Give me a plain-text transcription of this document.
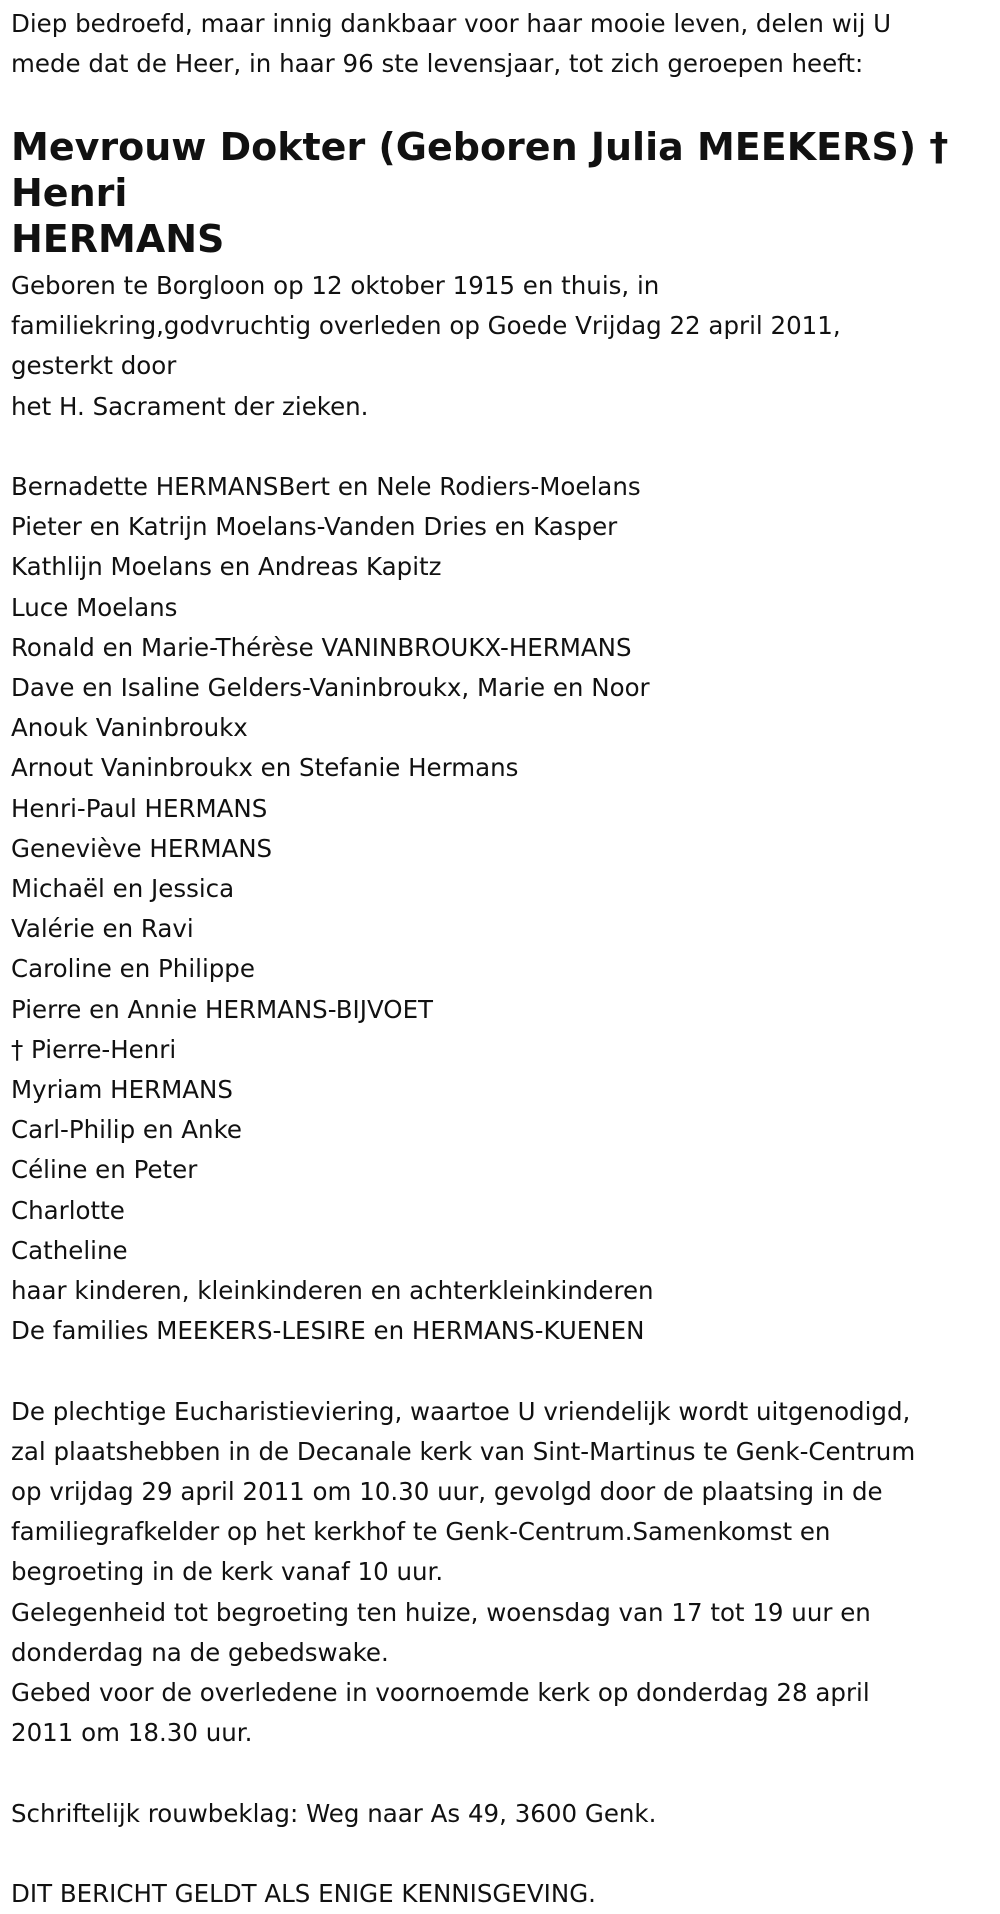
Diep bedroefd, maar innig dankbaar voor haar mooie leven, delen wij U
mede dat de Heer, in haar 96 ste levensjaar, tot zich geroepen heeft:
Mevrouw Dokter (Geboren Julia MEEKERS) † Henri
HERMANS
Geboren te Borgloon op 12 oktober 1915 en thuis, in
familiekring,godvruchtig overleden op Goede Vrijdag 22 april 2011,
gesterkt door
het H. Sacrament der zieken.
Bernadette HERMANSBert en Nele Rodiers-Moelans
Pieter en Katrijn Moelans-Vanden Dries en Kasper
Kathlijn Moelans en Andreas Kapitz
Luce Moelans
Ronald en Marie-Thérèse VANINBROUKX-HERMANS
Dave en Isaline Gelders-Vaninbroukx, Marie en Noor
Anouk Vaninbroukx
Arnout Vaninbroukx en Stefanie Hermans
Henri-Paul HERMANS
Geneviève HERMANS
Michaël en Jessica
Valérie en Ravi
Caroline en Philippe
Pierre en Annie HERMANS-BIJVOET
† Pierre-Henri
Myriam HERMANS
Carl-Philip en Anke
Céline en Peter
Charlotte
Catheline
haar kinderen, kleinkinderen en achterkleinkinderen
De families MEEKERS-LESIRE en HERMANS-KUENEN
De plechtige Eucharistieviering, waartoe U vriendelijk wordt uitgenodigd,
zal plaatshebben in de Decanale kerk van Sint-Martinus te Genk-Centrum
op vrijdag 29 april 2011 om 10.30 uur, gevolgd door de plaatsing in de
familiegrafkelder op het kerkhof te Genk-Centrum.Samenkomst en
begroeting in de kerk vanaf 10 uur.
Gelegenheid tot begroeting ten huize, woensdag van 17 tot 19 uur en
donderdag na de gebedswake.
Gebed voor de overledene in voornoemde kerk op donderdag 28 april
2011 om 18.30 uur.
Schriftelijk rouwbeklag: Weg naar As 49, 3600 Genk.
DIT BERICHT GELDT ALS ENIGE KENNISGEVING.
